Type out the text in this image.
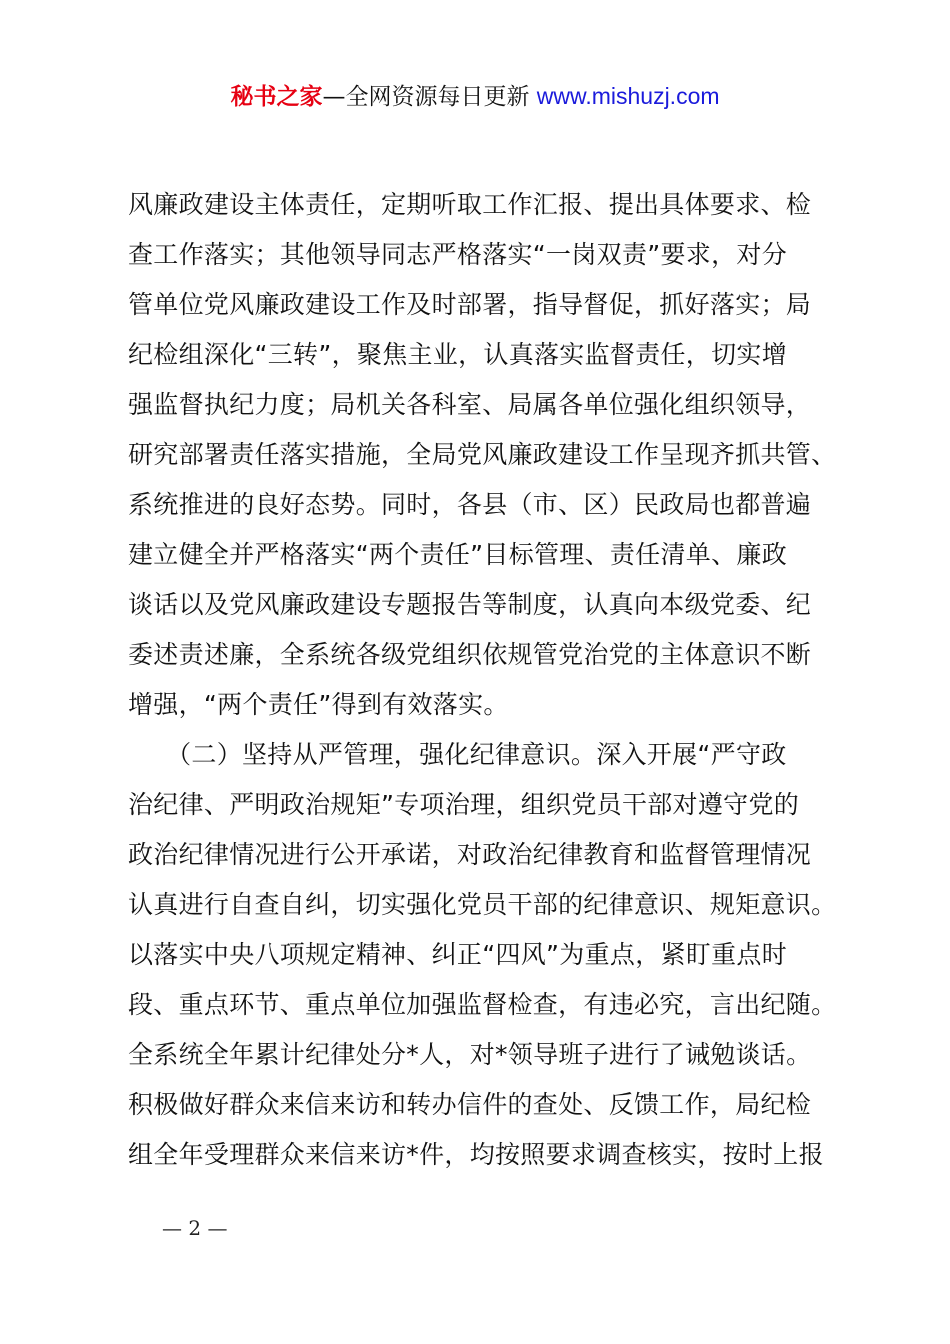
秘书之家—全网资源每日更新 www.mishuzj.com
风廉政建设主体责任，定期听取工作汇报、提出具体要求、检
查工作落实；其他领导同志严格落实“一岗双责”要求，对分
管单位党风廉政建设工作及时部署，指导督促，抓好落实；局
纪检组深化“三转”，聚焦主业，认真落实监督责任，切实增
强监督执纪力度；局机关各科室、局属各单位强化组织领导，
研究部署责任落实措施，全局党风廉政建设工作呈现齐抓共管、
系统推进的良好态势。同时，各县（市、区）民政局也都普遍
建立健全并严格落实“两个责任”目标管理、责任清单、廉政
谈话以及党风廉政建设专题报告等制度，认真向本级党委、纪
委述责述廉，全系统各级党组织依规管党治党的主体意识不断
增强，“两个责任”得到有效落实。
　　（二）坚持从严管理，强化纪律意识。深入开展“严守政
治纪律、严明政治规矩”专项治理，组织党员干部对遵守党的
政治纪律情况进行公开承诺，对政治纪律教育和监督管理情况
认真进行自查自纠，切实强化党员干部的纪律意识、规矩意识。
以落实中央八项规定精神、纠正“四风”为重点，紧盯重点时
段、重点环节、重点单位加强监督检查，有违必究，言出纪随。
全系统全年累计纪律处分*人，对*领导班子进行了诫勉谈话。
积极做好群众来信来访和转办信件的查处、反馈工作，局纪检
组全年受理群众来信来访*件，均按照要求调查核实，按时上报
— 2 —
